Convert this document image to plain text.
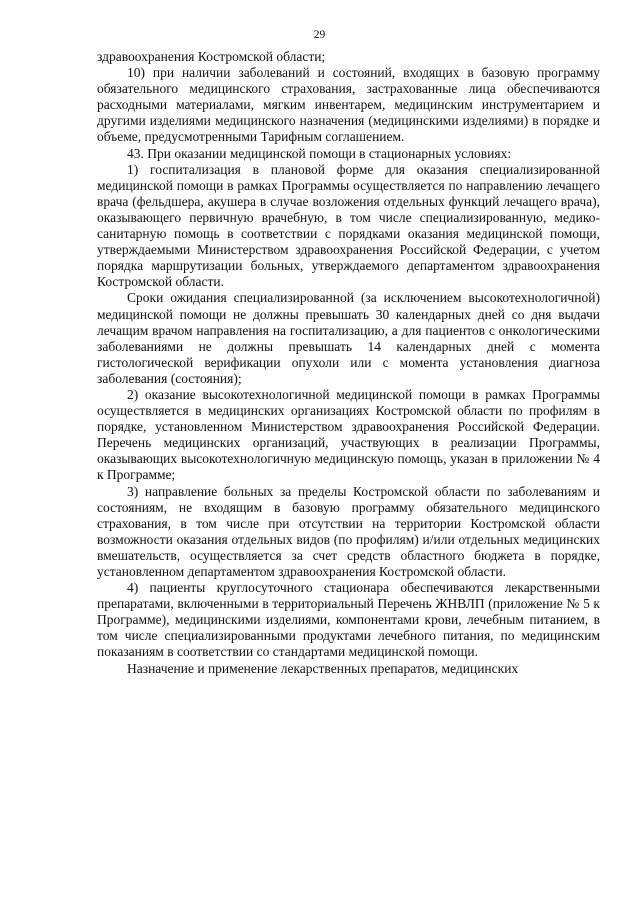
29

здравоохранения Костромской области;

10) при наличии заболеваний и состояний, входящих в базовую программу обязательного медицинского страхования, застрахованные лица обеспечиваются расходными материалами, мягким инвентарем, медицинским инструментарием и другими изделиями медицинского назначения (медицинскими изделиями) в порядке и объеме, предусмотренными Тарифным соглашением.

43. При оказании медицинской помощи в стационарных условиях:

1) госпитализация в плановой форме для оказания специализированной медицинской помощи в рамках Программы осуществляется по направлению лечащего врача (фельдшера, акушера в случае возложения отдельных функций лечащего врача), оказывающего первичную врачебную, в том числе специализированную, медико-санитарную помощь в соответствии с порядками оказания медицинской помощи, утверждаемыми Министерством здравоохранения Российской Федерации, с учетом порядка маршрутизации больных, утверждаемого департаментом здравоохранения Костромской области.

Сроки ожидания специализированной (за исключением высокотехнологичной) медицинской помощи не должны превышать 30 календарных дней со дня выдачи лечащим врачом направления на госпитализацию, а для пациентов с онкологическими заболеваниями не должны превышать 14 календарных дней с момента гистологической верификации опухоли или с момента установления диагноза заболевания (состояния);

2) оказание высокотехнологичной медицинской помощи в рамках Программы осуществляется в медицинских организациях Костромской области по профилям в порядке, установленном Министерством здравоохранения Российской Федерации. Перечень медицинских организаций, участвующих в реализации Программы, оказывающих высокотехнологичную медицинскую помощь, указан в приложении № 4 к Программе;

3) направление больных за пределы Костромской области по заболеваниям и состояниям, не входящим в базовую программу обязательного медицинского страхования, в том числе при отсутствии на территории Костромской области возможности оказания отдельных видов (по профилям) и/или отдельных медицинских вмешательств, осуществляется за счет средств областного бюджета в порядке, установленном департаментом здравоохранения Костромской области.

4) пациенты круглосуточного стационара обеспечиваются лекарственными препаратами, включенными в территориальный Перечень ЖНВЛП (приложение № 5 к Программе), медицинскими изделиями, компонентами крови, лечебным питанием, в том числе специализированными продуктами лечебного питания, по медицинским показаниям в соответствии со стандартами медицинской помощи.

Назначение и применение лекарственных препаратов, медицинских
